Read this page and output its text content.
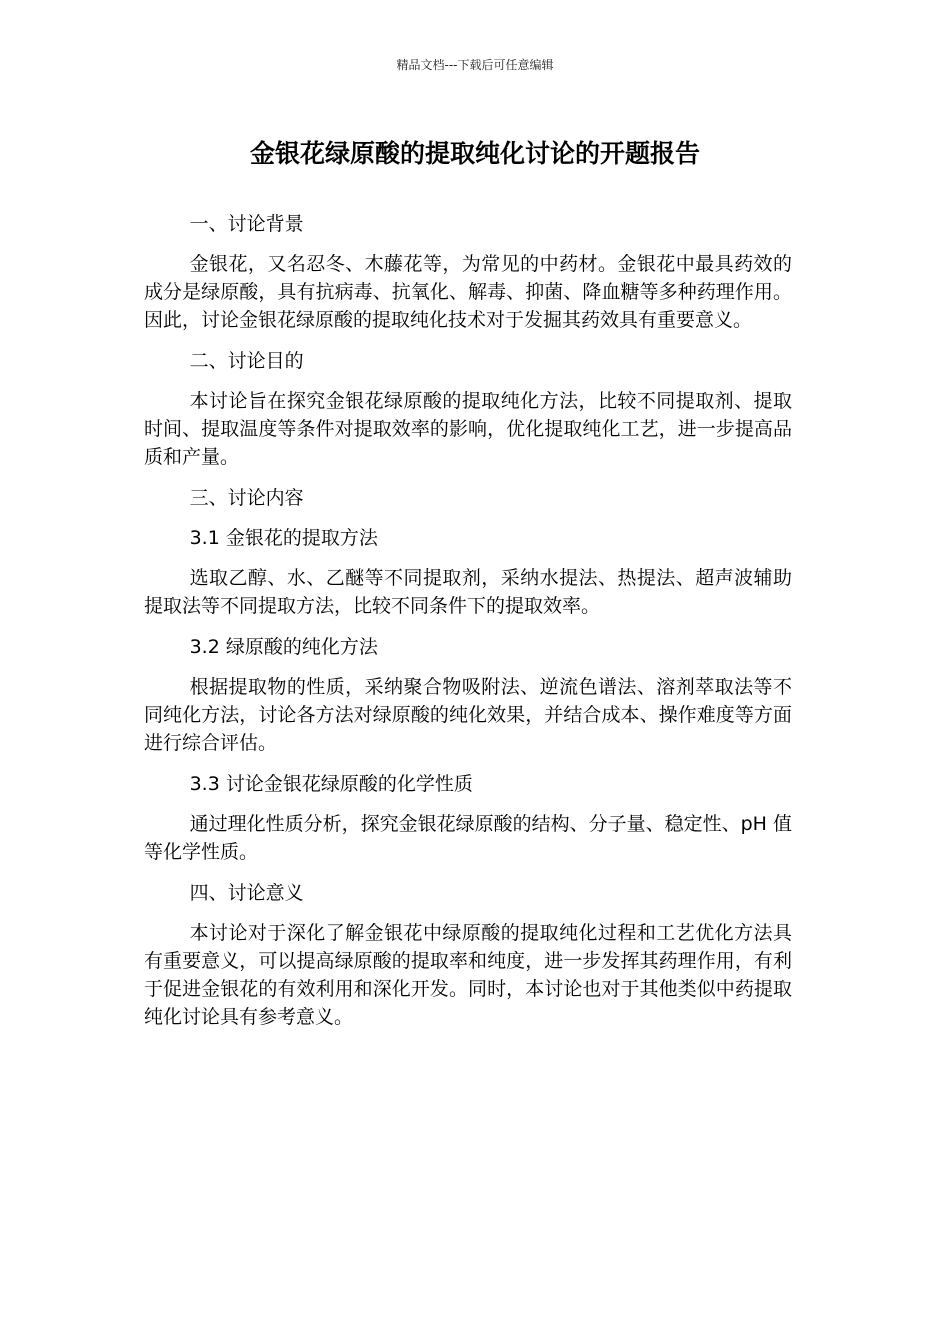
精品文档---下载后可任意编辑
金银花绿原酸的提取纯化讨论的开题报告

一、讨论背景

金银花，又名忍冬、木藤花等，为常见的中药材。金银花中最具药效的成分是绿原酸，具有抗病毒、抗氧化、解毒、抑菌、降血糖等多种药理作用。因此，讨论金银花绿原酸的提取纯化技术对于发掘其药效具有重要意义。

二、讨论目的

本讨论旨在探究金银花绿原酸的提取纯化方法，比较不同提取剂、提取时间、提取温度等条件对提取效率的影响，优化提取纯化工艺，进一步提高品质和产量。

三、讨论内容

3.1 金银花的提取方法

选取乙醇、水、乙醚等不同提取剂，采纳水提法、热提法、超声波辅助提取法等不同提取方法，比较不同条件下的提取效率。

3.2 绿原酸的纯化方法

根据提取物的性质，采纳聚合物吸附法、逆流色谱法、溶剂萃取法等不同纯化方法，讨论各方法对绿原酸的纯化效果，并结合成本、操作难度等方面进行综合评估。

3.3 讨论金银花绿原酸的化学性质

通过理化性质分析，探究金银花绿原酸的结构、分子量、稳定性、pH 值等化学性质。

四、讨论意义

本讨论对于深化了解金银花中绿原酸的提取纯化过程和工艺优化方法具有重要意义，可以提高绿原酸的提取率和纯度，进一步发挥其药理作用，有利于促进金银花的有效利用和深化开发。同时，本讨论也对于其他类似中药提取纯化讨论具有参考意义。
